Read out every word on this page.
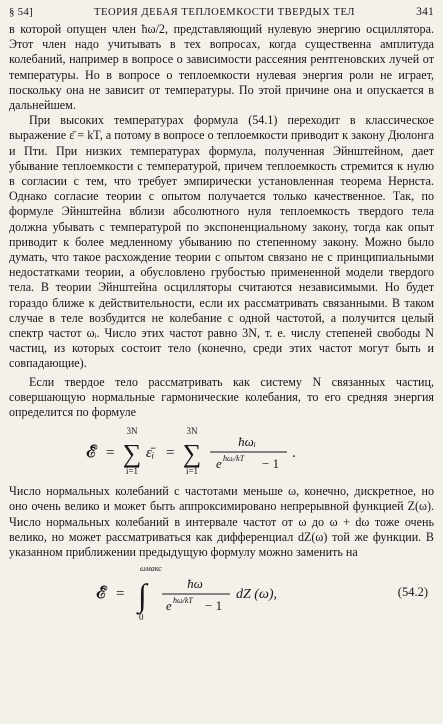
§ 54]	ТЕОРИЯ ДЕБАЯ ТЕПЛОЕМКОСТИ ТВЕРДЫХ ТЕЛ	341

в которой опущен член ħω/2, представляющий нулевую энергию осциллятора. Этот член надо учитывать в тех вопросах, когда существенна амплитуда колебаний, например в вопросе о зависимости рассеяния рентгеновских лучей от температуры. Но в вопросе о теплоемкости нулевая энергия роли не играет, поскольку она не зависит от температуры. По этой причине она и опускается в дальнейшем.

При высоких температурах формула (54.1) переходит в классическое выражение ε̄ = kT, а потому в вопросе о теплоемкости приводит к закону Дюлонга и Пти. При низких температурах формула, полученная Эйнштейном, дает убывание теплоемкости с температурой, причем теплоемкость стремится к нулю в согласии с тем, что требует эмпирически установленная теорема Нернста. Однако согласие теории с опытом получается только качественное. Так, по формуле Эйнштейна вблизи абсолютного нуля теплоемкость твердого тела должна убывать с температурой по экспоненциальному закону, тогда как опыт приводит к более медленному убыванию по степенному закону. Можно было думать, что такое расхождение теории с опытом связано не с принципиальными недостатками теории, а обусловлено грубостью примененной модели твердого тела. В теории Эйнштейна осцилляторы считаются независимыми. Но будет гораздо ближе к действительности, если их рассматривать связанными. В таком случае в теле возбудится не колебание с одной частотой, а получится целый спектр частот ωᵢ. Число этих частот равно 3N, т. е. числу степеней свободы N частиц, из которых состоит тело (конечно, среди этих частот могут быть и совпадающие).

Если твердое тело рассматривать как систему N связанных частиц, совершающую нормальные гармонические колебания, то его средняя энергия определится по формуле

𝓔̄ =
3N
∑
i=1
ε̄ᵢ =
3N
∑
i=1
ħωᵢ
e ħωᵢ/kT − 1
.

Число нормальных колебаний с частотами меньше ω, конечно, дискретное, но оно очень велико и может быть аппроксимировано непрерывной функцией Z(ω). Число нормальных колебаний в интервале частот от ω до ω + dω тоже очень велико, но может рассматриваться как дифференциал dZ(ω) той же функции. В указанном приближении предыдущую формулу можно заменить на

𝓔̄ =
ωмакс
∫
0
ħω
e ħω/kT − 1
dZ (ω),	(54.2)
